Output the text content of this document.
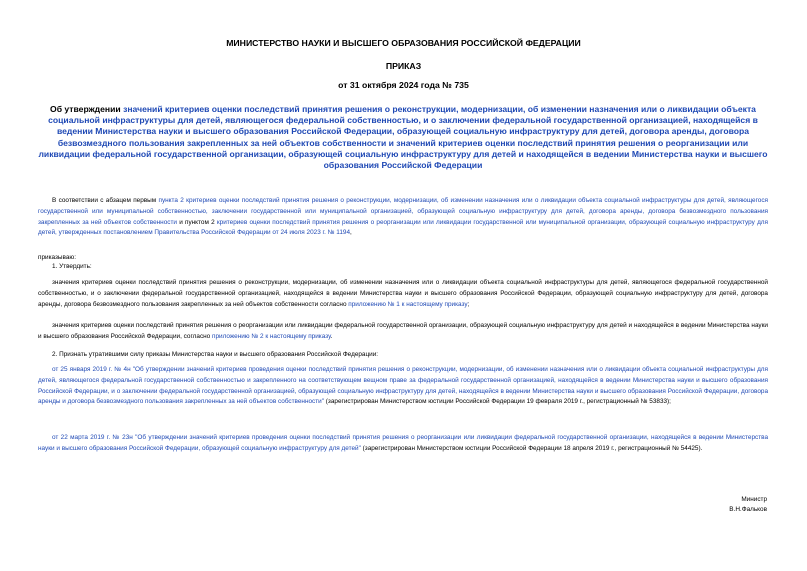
МИНИСТЕРСТВО НАУКИ И ВЫСШЕГО ОБРАЗОВАНИЯ РОССИЙСКОЙ ФЕДЕРАЦИИ
ПРИКАЗ
от 31 октября 2024 года № 735
Об утверждении значений критериев оценки последствий принятия решения о реконструкции, модернизации, об изменении назначения или о ликвидации объекта социальной инфраструктуры для детей, являющегося федеральной собственностью, и о заключении федеральной государственной организацией, находящейся в ведении Министерства науки и высшего образования Российской Федерации, образующей социальную инфраструктуру для детей, договора аренды, договора безвозмездного пользования закрепленных за ней объектов собственности и значений критериев оценки последствий принятия решения о реорганизации или ликвидации федеральной государственной организации, образующей социальную инфраструктуру для детей и находящейся в ведении Министерства науки и высшего образования Российской Федерации
В соответствии с абзацем первым пункта 2 критериев оценки последствий принятия решения о реконструкции, модернизации, об изменении назначения или о ликвидации объекта социальной инфраструктуры для детей, являющегося государственной или муниципальной собственностью, заключении государственной или муниципальной организацией, образующей социальную инфраструктуру для детей, договора аренды, договора безвозмездного пользования закрепленных за ней объектов собственности и пунктом 2 критериев оценки последствий принятия решения о реорганизации или ликвидации государственной или муниципальной организации, образующей социальную инфраструктуру для детей, утвержденных постановлением Правительства Российской Федерации от 24 июля 2023 г. № 1194,
приказываю:
1. Утвердить:
значения критериев оценки последствий принятия решения о реконструкции, модернизации, об изменении назначения или о ликвидации объекта социальной инфраструктуры для детей, являющегося федеральной государственной собственностью, и о заключении федеральной государственной организацией, находящейся в ведении Министерства науки и высшего образования Российской Федерации, образующей социальную инфраструктуру для детей, договора аренды, договора безвозмездного пользования закрепленных за ней объектов собственности согласно приложению № 1 к настоящему приказу;
значения критериев оценки последствий принятия решения о реорганизации или ликвидации федеральной государственной организации, образующей социальную инфраструктуру для детей и находящейся в ведении Министерства науки и высшего образования Российской Федерации, согласно приложению № 2 к настоящему приказу.
2. Признать утратившими силу приказы Министерства науки и высшего образования Российской Федерации:
от 25 января 2019 г. № 4н "Об утверждении значений критериев проведения оценки последствий принятия решения о реконструкции, модернизации, об изменении назначения или о ликвидации объекта социальной инфраструктуры для детей, являющегося федеральной государственной собственностью и закрепленного на соответствующем вещном праве за федеральной государственной организацией, находящейся в ведении Министерства науки и высшего образования Российской Федерации, и о заключении федеральной государственной организацией, образующей социальную инфраструктуру для детей, находящейся в ведении Министерства науки и высшего образования Российской Федерации, договора аренды и договора безвозмездного пользования закрепленных за ней объектов собственности" (зарегистрирован Министерством юстиции Российской Федерации 19 февраля 2019 г., регистрационный № 53833);
от 22 марта 2019 г. № 23н "Об утверждении значений критериев проведения оценки последствий принятия решения о реорганизации или ликвидации федеральной государственной организации, находящейся в ведении Министерства науки и высшего образования Российской Федерации, образующей социальную инфраструктуру для детей" (зарегистрирован Министерством юстиции Российской Федерации 18 апреля 2019 г., регистрационный № 54425).
Министр
В.Н.Фальков
